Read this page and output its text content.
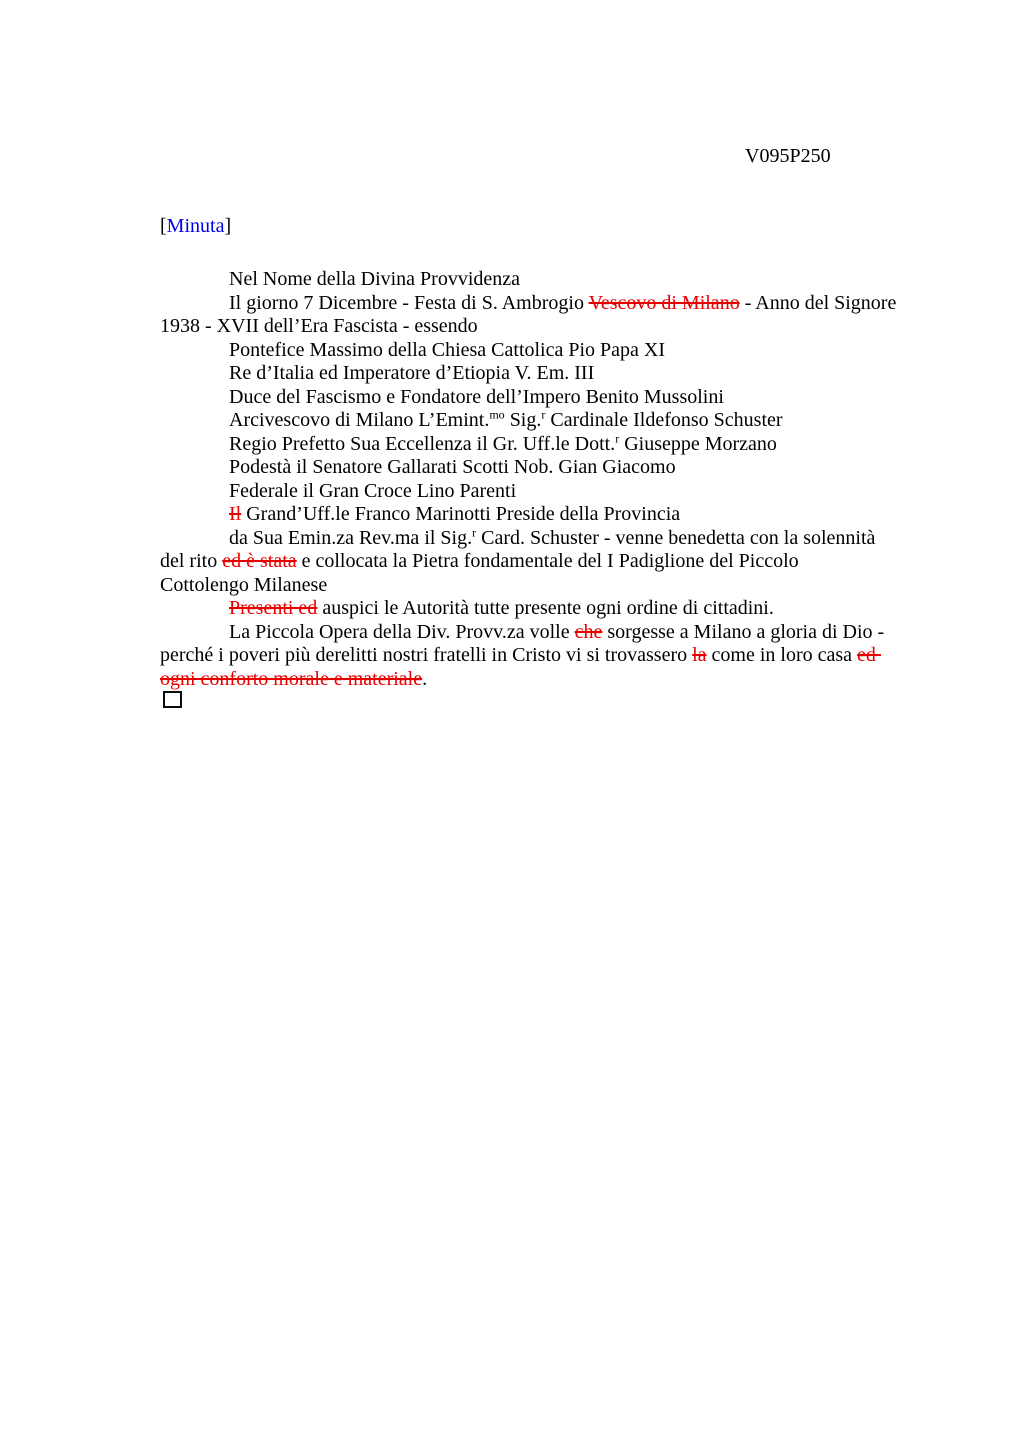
V095P250
[Minuta]
Nel Nome della Divina Provvidenza
Il giorno 7 Dicembre - Festa di S. Ambrogio Vescovo di Milano - Anno del Signore
1938 - XVII dell’Era Fascista - essendo
Pontefice Massimo della Chiesa Cattolica Pio Papa XI
Re d’Italia ed Imperatore d’Etiopia V. Em. III
Duce del Fascismo e Fondatore dell’Impero Benito Mussolini
Arcivescovo di Milano L’Emint.$^{mo}$ Sig.$^r$ Cardinale Ildefonso Schuster
Regio Prefetto Sua Eccellenza il Gr. Uff.le Dott.$^r$ Giuseppe Morzano
Podestà il Senatore Gallarati Scotti Nob. Gian Giacomo
Federale il Gran Croce Lino Parenti
Il Grand’Uff.le Franco Marinotti Preside della Provincia
da Sua Emin.za Rev.ma il Sig.$^r$ Card. Schuster - venne benedetta con la solennità
del rito ed è stata e collocata la Pietra fondamentale del I Padiglione del Piccolo
Cottolengo Milanese
Presenti ed auspici le Autorità tutte presente ogni ordine di cittadini.
La Piccola Opera della Div. Provv.za volle che sorgesse a Milano a gloria di Dio -
perché i poveri più derelitti nostri fratelli in Cristo vi si trovassero la come in loro casa ed
ogni conforto morale e materiale.
